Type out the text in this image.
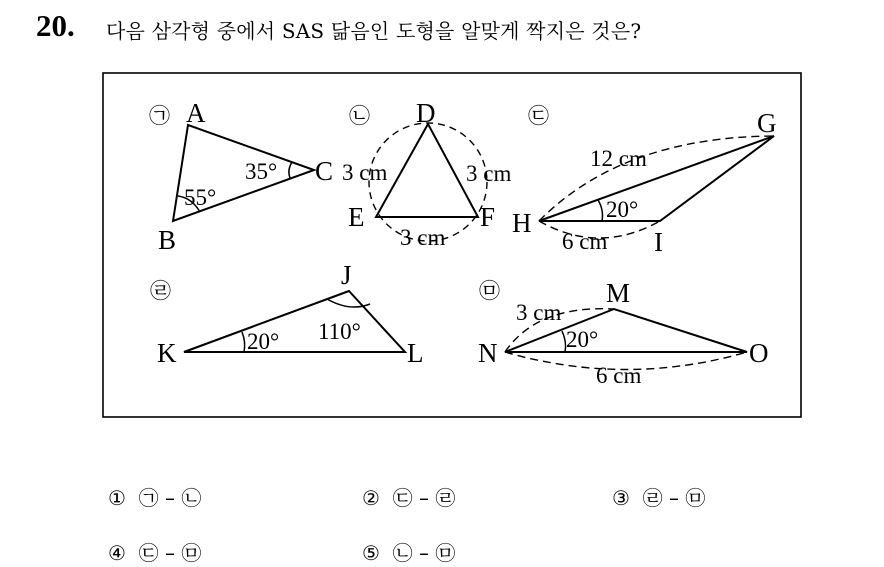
20. 다음 삼각형 중에서 SAS 닮음인 도형을 알맞게 짝지은 것은?
㉠ A
B
C
55°
35°
㉡ D
E	F
3 cm	3 cm
3 cm
㉢	G
H
I
12 cm
20°
6 cm
㉣
J
K	L
20° 110°
㉤	M
N	O
3 cm
20°
6 cm
① ㉠ – ㉡	② ㉢ – ㉣	③ ㉣ – ㉤
④ ㉢ – ㉤	⑤ ㉡ – ㉤
